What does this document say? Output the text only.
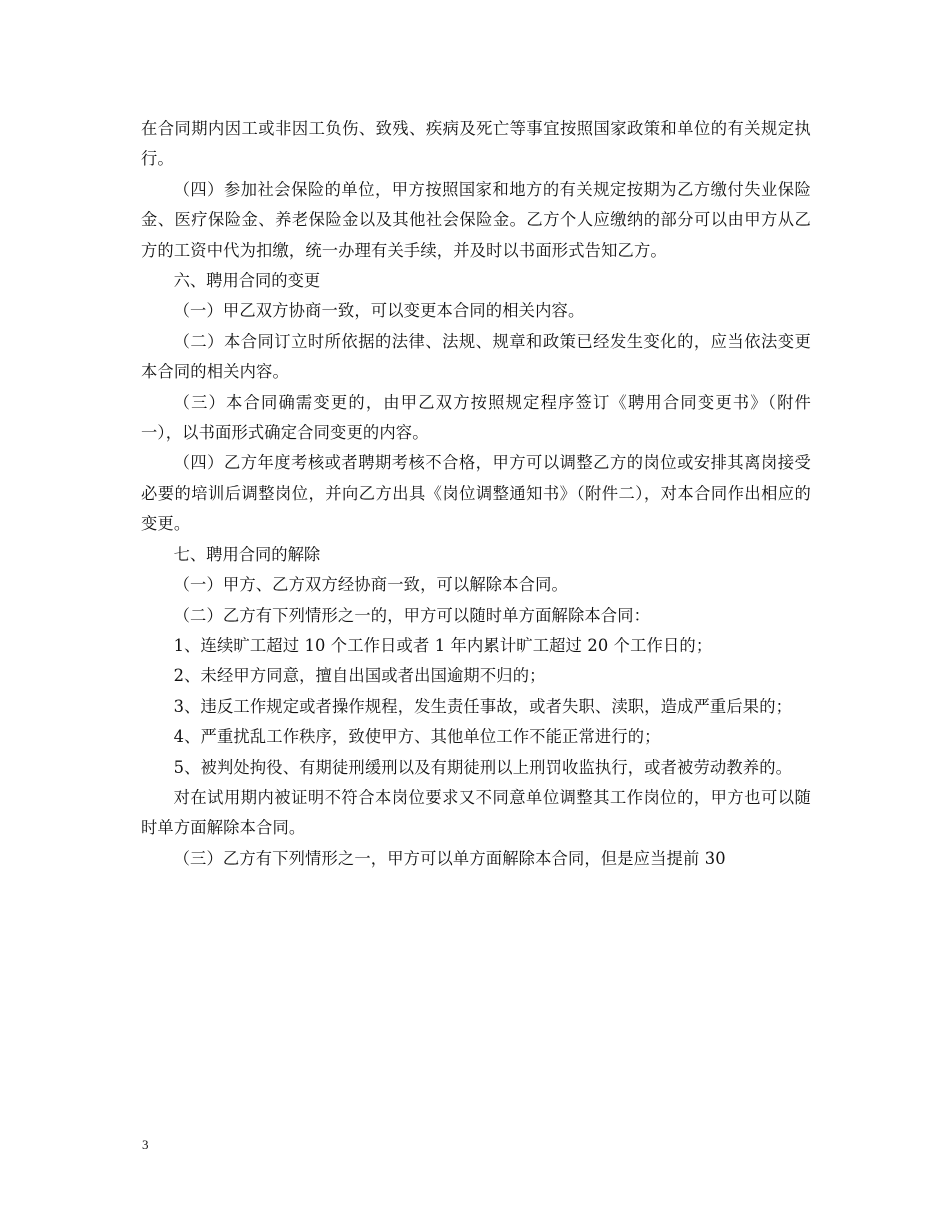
在合同期内因工或非因工负伤、致残、疾病及死亡等事宜按照国家政策和单位的有关规定执行。

（四）参加社会保险的单位，甲方按照国家和地方的有关规定按期为乙方缴付失业保险金、医疗保险金、养老保险金以及其他社会保险金。乙方个人应缴纳的部分可以由甲方从乙方的工资中代为扣缴，统一办理有关手续，并及时以书面形式告知乙方。

六、聘用合同的变更

（一）甲乙双方协商一致，可以变更本合同的相关内容。

（二）本合同订立时所依据的法律、法规、规章和政策已经发生变化的，应当依法变更本合同的相关内容。

（三）本合同确需变更的，由甲乙双方按照规定程序签订《聘用合同变更书》（附件一），以书面形式确定合同变更的内容。

（四）乙方年度考核或者聘期考核不合格，甲方可以调整乙方的岗位或安排其离岗接受必要的培训后调整岗位，并向乙方出具《岗位调整通知书》（附件二），对本合同作出相应的变更。

七、聘用合同的解除

（一）甲方、乙方双方经协商一致，可以解除本合同。

（二）乙方有下列情形之一的，甲方可以随时单方面解除本合同：

1、连续旷工超过 10 个工作日或者 1 年内累计旷工超过 20 个工作日的；

2、未经甲方同意，擅自出国或者出国逾期不归的；

3、违反工作规定或者操作规程，发生责任事故，或者失职、渎职，造成严重后果的；

4、严重扰乱工作秩序，致使甲方、其他单位工作不能正常进行的；

5、被判处拘役、有期徒刑缓刑以及有期徒刑以上刑罚收监执行，或者被劳动教养的。

对在试用期内被证明不符合本岗位要求又不同意单位调整其工作岗位的，甲方也可以随时单方面解除本合同。

（三）乙方有下列情形之一，甲方可以单方面解除本合同，但是应当提前 30

3
